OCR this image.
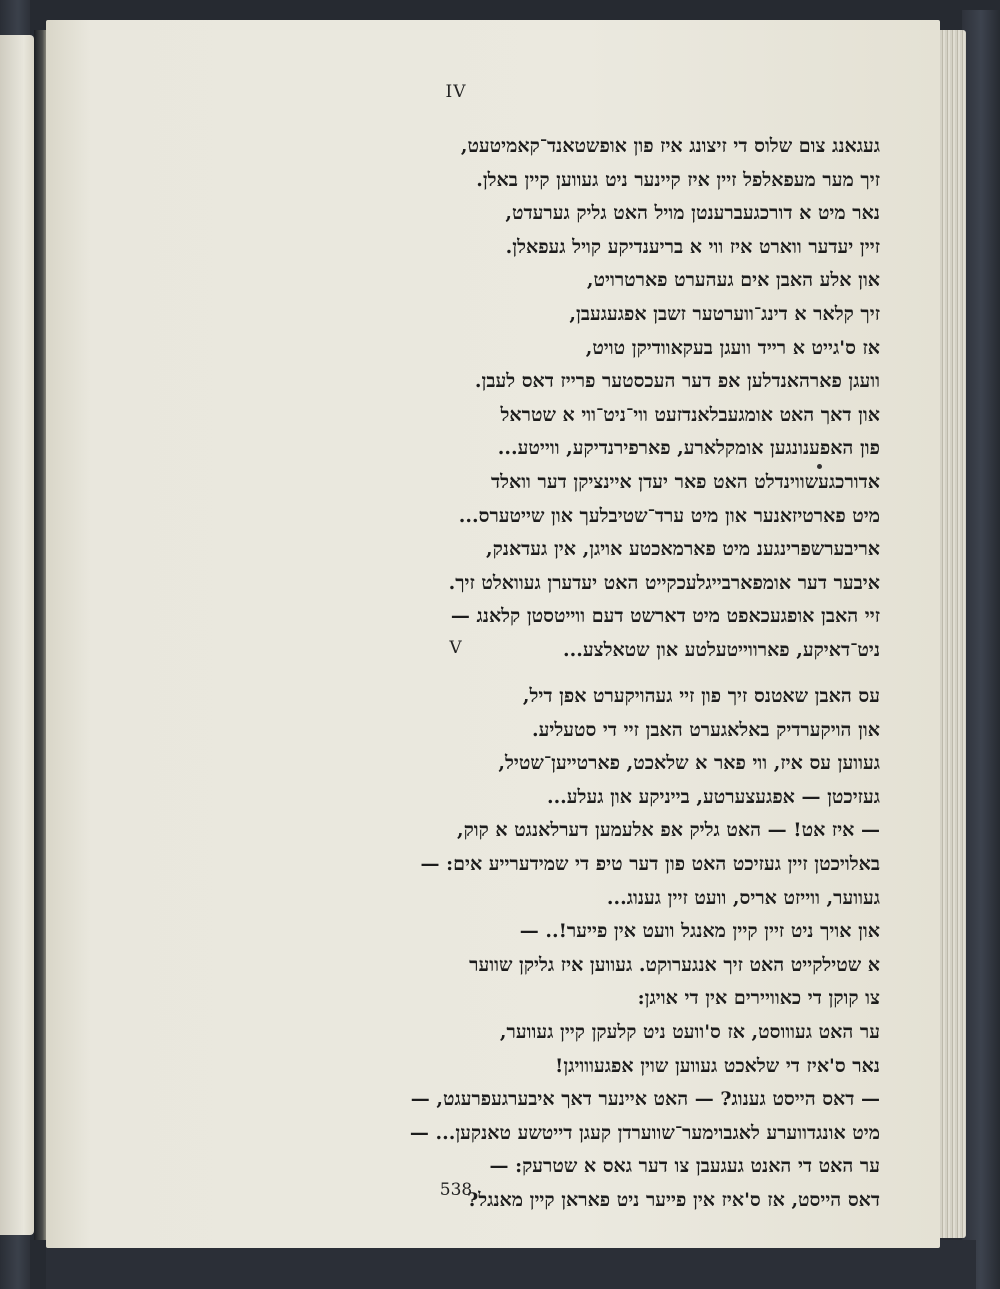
IV
געגאנג צום שלוס די זיצונג איז פון אופשטאנד־קאמיטעט,
זיך מער מעפאלפל זיין איז קיינער ניט געווען קיין באלן.
נאר מיט א דורכגעברענטן מויל האט גליק גערעדט,
זיין יעדער ווארט איז ווי א בריענדיקע קויל געפאלן.
און אלע האבן אים געהערט פארטרויט,
זיך קלאר א דינג־ווערטער זשבן אפגעגעבן,
אז ס'גייט א רייד וועגן בעקאוודיקן טויט,
וועגן פארהאנדלען אפ דער העכסטער פרייז דאס לעבן.
און דאך האט אומגעבלאנדזעט ווי־ניט־ווי א שטראל
פון האפענונגען אומקלארע, פארפירנדיקע, ווייטע...
אדורכגעשווינדלט האט פאר יעדן איינציקן דער וואלד
מיט פארטיזאנער און מיט ערד־שטיבלעך און שייטערס...
אריבערשפרינגענ מיט פארמאכטע אויגן, אין געדאנק,
איבער דער אומפארבייגלעכקייט האט יעדערן געוואלט זיך.
זיי האבן אופגעכאפט מיט דארשט דעם ווייטסטן קלאנג —
ניט־דאיקע, פארווייטעלטע און שטאלצע...
V
עס האבן שאטנס זיך פון זיי געהויקערט אפן דיל,
און הויקערדיק באלאגערט האבן זיי די סטעליע.
געווען עס איז, ווי פאר א שלאכט, פארטייען־שטיל,
געזיכטן — אפגעצערטע, בייניקע און געלע...
— איז אט! — האט גליק אפ אלעמען דערלאנגט א קוק,
באלויכטן זיין געזיכט האט פון דער טיפ די שמידערייע אים: —
געווער, ווייזט אריס, וועט זיין גענוג...
און אויך ניט זיין קיין מאנגל וועט אין פייער!.. —
א שטילקייט האט זיך אנגערוקט. געווען איז גליקן שווער
צו קוקן די כאוויירים אין די אויגן:
ער האט געוווסט, אז ס'וועט ניט קלעקן קיין געווער,
נאר ס'איז די שלאכט געווען שוין אפגעווויגן!
— דאס הייסט גענוג? — האט איינער דאך איבערגעפרעגט, —
מיט אונגדווערע לאגבוימער־שווערדן קעגן דייטשע טאנקען... —
ער האט די האנט געגעבן צו דער גאס א שטרעק: —
דאס הייסט, אז ס'איז אין פייער ניט פאראן קיין מאנגל?
538
